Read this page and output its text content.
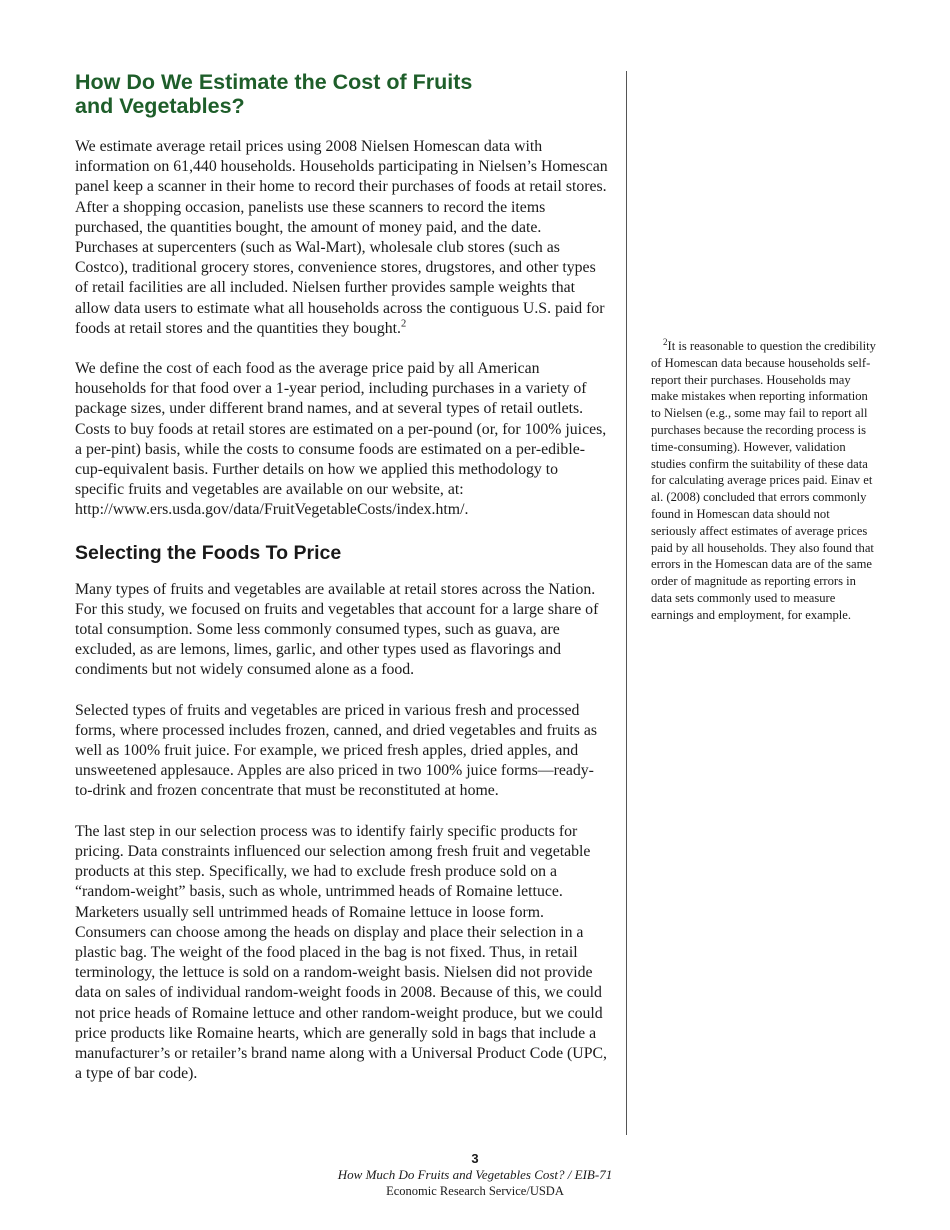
How Do We Estimate the Cost of Fruits and Vegetables?

We estimate average retail prices using 2008 Nielsen Homescan data with information on 61,440 households. Households participating in Nielsen’s Homescan panel keep a scanner in their home to record their purchases of foods at retail stores. After a shopping occasion, panelists use these scanners to record the items purchased, the quantities bought, the amount of money paid, and the date. Purchases at supercenters (such as Wal-Mart), wholesale club stores (such as Costco), traditional grocery stores, convenience stores, drugstores, and other types of retail facilities are all included. Nielsen further provides sample weights that allow data users to estimate what all households across the contiguous U.S. paid for foods at retail stores and the quantities they bought.$^2$

We define the cost of each food as the average price paid by all American households for that food over a 1-year period, including purchases in a variety of package sizes, under different brand names, and at several types of retail outlets. Costs to buy foods at retail stores are estimated on a per-pound (or, for 100% juices, a per-pint) basis, while the costs to consume foods are estimated on a per-edible-cup-equivalent basis. Further details on how we applied this methodology to specific fruits and vegetables are available on our website, at: http://www.ers.usda.gov/data/FruitVegetableCosts/index.htm/.

Selecting the Foods To Price

Many types of fruits and vegetables are available at retail stores across the Nation. For this study, we focused on fruits and vegetables that account for a large share of total consumption. Some less commonly consumed types, such as guava, are excluded, as are lemons, limes, garlic, and other types used as flavorings and condiments but not widely consumed alone as a food.

Selected types of fruits and vegetables are priced in various fresh and processed forms, where processed includes frozen, canned, and dried vegetables and fruits as well as 100% fruit juice. For example, we priced fresh apples, dried apples, and unsweetened applesauce. Apples are also priced in two 100% juice forms—ready-to-drink and frozen concentrate that must be reconstituted at home.

The last step in our selection process was to identify fairly specific products for pricing. Data constraints influenced our selection among fresh fruit and vegetable products at this step. Specifically, we had to exclude fresh produce sold on a “random-weight” basis, such as whole, untrimmed heads of Romaine lettuce. Marketers usually sell untrimmed heads of Romaine lettuce in loose form. Consumers can choose among the heads on display and place their selection in a plastic bag. The weight of the food placed in the bag is not fixed. Thus, in retail terminology, the lettuce is sold on a random-weight basis. Nielsen did not provide data on sales of individual random-weight foods in 2008. Because of this, we could not price heads of Romaine lettuce and other random-weight produce, but we could price products like Romaine hearts, which are generally sold in bags that include a manufacturer’s or retailer’s brand name along with a Universal Product Code (UPC, a type of bar code).

$^2$It is reasonable to question the credibility of Homescan data because households self-report their purchases. Households may make mistakes when reporting information to Nielsen (e.g., some may fail to report all purchases because the recording process is time-consuming). However, validation studies confirm the suitability of these data for calculating average prices paid. Einav et al. (2008) concluded that errors commonly found in Homescan data should not seriously affect estimates of average prices paid by all households. They also found that errors in the Homescan data are of the same order of magnitude as reporting errors in data sets commonly used to measure earnings and employment, for example.

3
How Much Do Fruits and Vegetables Cost? / EIB-71
Economic Research Service/USDA
